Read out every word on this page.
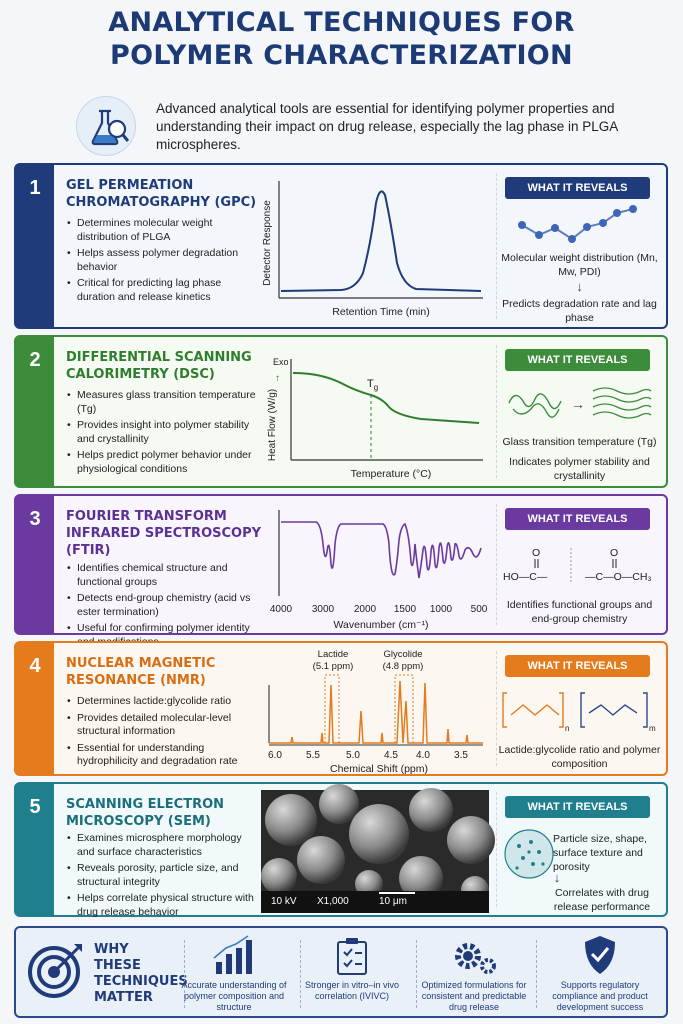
ANALYTICAL TECHNIQUES FOR
POLYMER CHARACTERIZATION
Advanced analytical tools are essential for identifying polymer properties and understanding their impact on drug release, especially the lag phase in PLGA microspheres.
1	GEL PERMEATION
CHROMATOGRAPHY (GPC)
• Determines molecular weight distribution of PLGA
• Helps assess polymer degradation behavior
• Critical for predicting lag phase duration and release kinetics
Detector Response
Retention Time (min)
WHAT IT REVEALS
Molecular weight distribution (Mn, Mw, PDI)
↓
Predicts degradation rate and lag phase
2	DIFFERENTIAL SCANNING
CALORIMETRY (DSC)
• Measures glass transition temperature (Tg)
• Provides insight into polymer stability and crystallinity
• Helps predict polymer behavior under physiological conditions
Exo
↑	$T_g$
Heat Flow (W/g)
Temperature (°C)
WHAT IT REVEALS
→
Glass transition temperature (Tg)
Indicates polymer stability and crystallinity
3	FOURIER TRANSFORM
INFRARED SPECTROSCOPY
(FTIR)
• Identifies chemical structure and functional groups
• Detects end-group chemistry (acid vs ester termination)
• Useful for confirming polymer identity
4000 3000 2000 1500 1000 500
Wavenumber (cm⁻¹)
WHAT IT REVEALS
O
HO—C—
O
—C—O—CH₃
Identifies functional groups and end-group chemistry
4	NUCLEAR MAGNETIC
RESONANCE (NMR)
• Determines lactide:glycolide ratio
• Provides detailed molecular-level structural information
• Essential for understanding hydrophilicity and degradation rate
Lactide
(5.1 ppm)
Glycolide
(4.8 ppm)
6.0 5.5	5.0 4.5 4.0 3.5
Chemical Shift (ppm)
WHAT IT REVEALS
n	m
Lactide:glycolide ratio and polymer composition
5	SCANNING ELECTRON
MICROSCOPY (SEM)
• Examines microsphere morphology and surface characteristics
• Reveals porosity, particle size, and structural integrity
• Helps correlate physical structure with drug release behavior
10 kV X1,000	10 μm
WHAT IT REVEALS
Particle size, shape, surface texture and porosity
↓
Correlates with drug release performance
WHY THESE TECHNIQUES MATTER
Accurate understanding of polymer composition and structure
Stronger in vitro–in vivo correlation (IVIVC)
Optimized formulations for consistent and predictable drug release
Supports regulatory compliance and product development success
